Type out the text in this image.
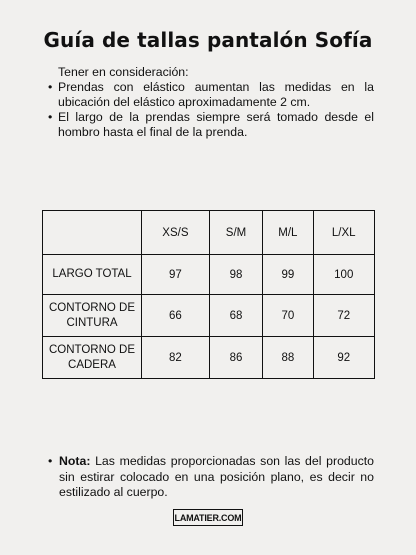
Guía de tallas pantalón Sofía
Tener en consideración:
• Prendas con elástico aumentan las medidas en la ubicación del elástico aproximadamente 2 cm.
• El largo de la prendas siempre será tomado desde el hombro hasta el final de la prenda.
	XS/S	S/M	M/L	L/XL
LARGO TOTAL	97	98	99	100
CONTORNO DE
CINTURA	66	68	70	72
CONTORNO DE
CADERA	82	86	88	92
• Nota: Las medidas proporcionadas son las del producto sin estirar colocado en una posición plano, es decir no estilizado al cuerpo.
LAMATIER.COM
